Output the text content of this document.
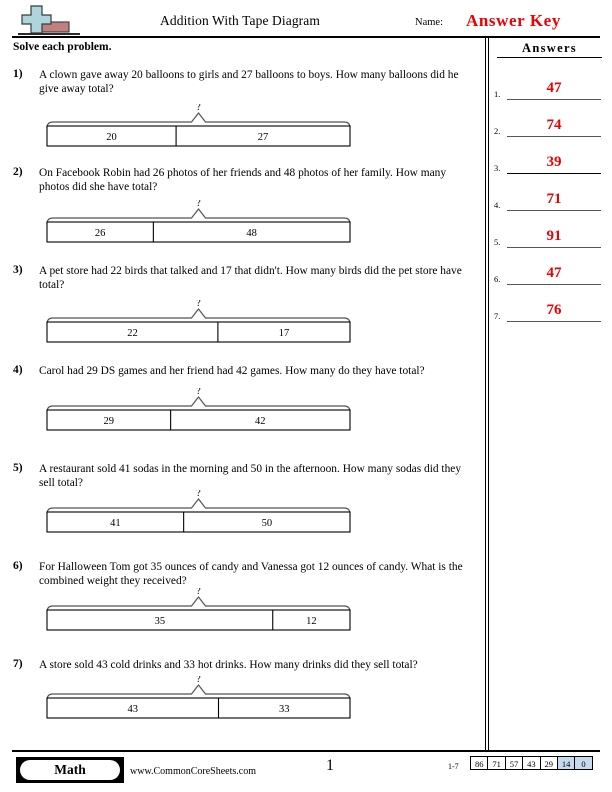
Addition With Tape Diagram	Name: Answer Key
Solve each problem.	Answers
1)	A clown gave away 20 balloons to girls and 27 balloons to boys. How many balloons did he give away total?
?
20	27
2)	On Facebook Robin had 26 photos of her friends and 48 photos of her family. How many photos did she have total?
?
26	48
3)	A pet store had 22 birds that talked and 17 that didn't. How many birds did the pet store have total?
?
22	17
4)	Carol had 29 DS games and her friend had 42 games. How many do they have total?
?
29	42
5)	A restaurant sold 41 sodas in the morning and 50 in the afternoon. How many sodas did they sell total?
?
41	50
6)	For Halloween Tom got 35 ounces of candy and Vanessa got 12 ounces of candy. What is the combined weight they received?
?
35	12
7)	A store sold 43 cold drinks and 33 hot drinks. How many drinks did they sell total?
?
43	33
1.	47
2.	74
3.	39
4.	71
5.	91
6.	47
7.	76
Math	www.CommonCoreSheets.com	1	1-7	86	71	57	43	29	14	0
